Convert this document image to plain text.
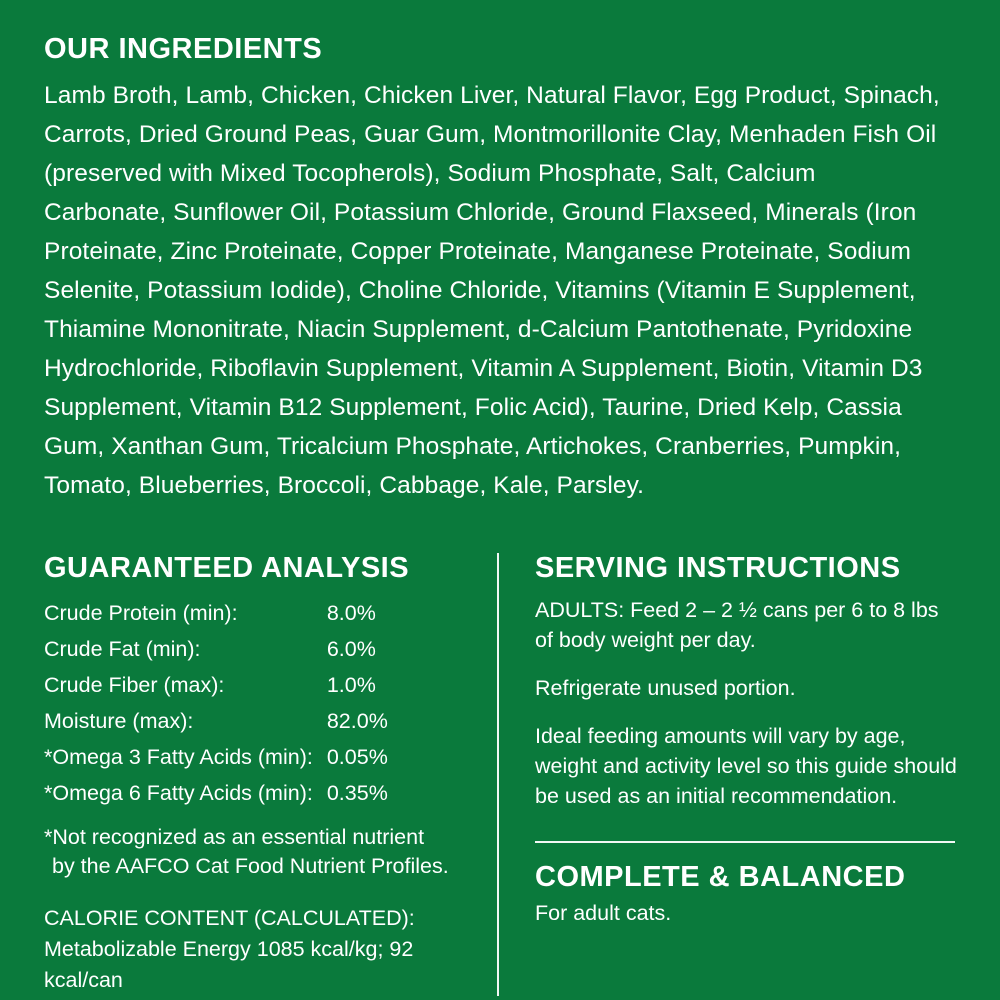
OUR INGREDIENTS
Lamb Broth, Lamb, Chicken, Chicken Liver, Natural Flavor, Egg Product, Spinach, Carrots, Dried Ground Peas, Guar Gum, Montmorillonite Clay, Menhaden Fish Oil (preserved with Mixed Tocopherols), Sodium Phosphate, Salt, Calcium Carbonate, Sunflower Oil, Potassium Chloride, Ground Flaxseed, Minerals (Iron Proteinate, Zinc Proteinate, Copper Proteinate, Manganese Proteinate, Sodium Selenite, Potassium Iodide), Choline Chloride, Vitamins (Vitamin E Supplement, Thiamine Mononitrate, Niacin Supplement, d-Calcium Pantothenate, Pyridoxine Hydrochloride, Riboflavin Supplement, Vitamin A Supplement, Biotin, Vitamin D3 Supplement, Vitamin B12 Supplement, Folic Acid), Taurine, Dried Kelp, Cassia Gum, Xanthan Gum, Tricalcium Phosphate, Artichokes, Cranberries, Pumpkin, Tomato, Blueberries, Broccoli, Cabbage, Kale, Parsley.
GUARANTEED ANALYSIS
Crude Protein (min):	8.0%
Crude Fat (min):	6.0%
Crude Fiber (max):	1.0%
Moisture (max):	82.0%
*Omega 3 Fatty Acids (min):	0.05%
*Omega 6 Fatty Acids (min):	0.35%
*Not recognized as an essential nutrient
by the AAFCO Cat Food Nutrient Profiles.
CALORIE CONTENT (CALCULATED):
Metabolizable Energy 1085 kcal/kg; 92 kcal/can
SERVING INSTRUCTIONS

ADULTS: Feed 2 – 2 ½ cans per 6 to 8 lbs of body weight per day.

Refrigerate unused portion.

Ideal feeding amounts will vary by age, weight and activity level so this guide should be used as an initial recommendation.

COMPLETE & BALANCED
For adult cats.
